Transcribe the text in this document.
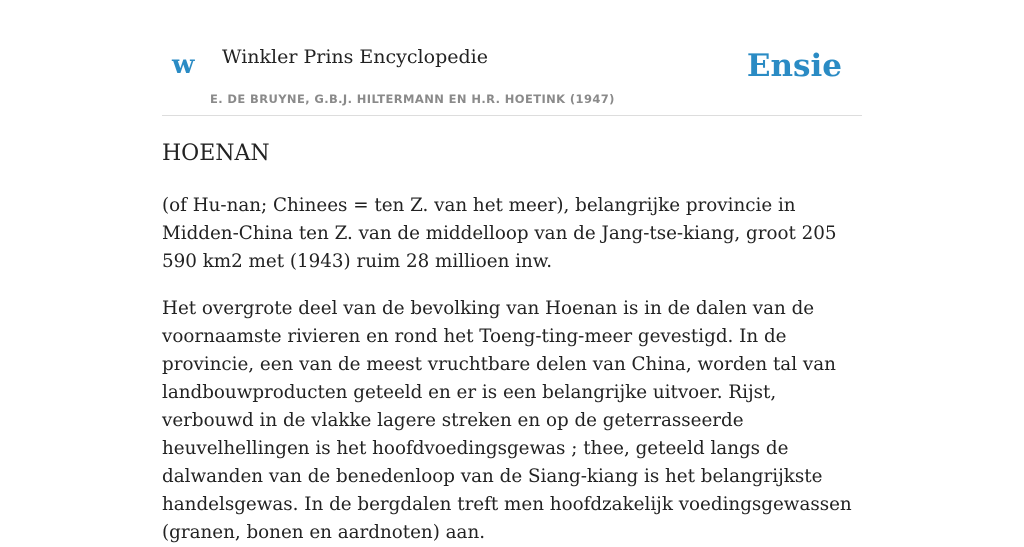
w Winkler Prins Encyclopedie
E. DE BRUYNE, G.B.J. HILTERMANN EN H.R. HOETINK (1947)
Ensie
HOENAN

(of Hu-nan; Chinees = ten Z. van het meer), belangrijke provincie in Midden-China ten Z. van de middelloop van de Jang-tse-kiang, groot 205 590 km2 met (1943) ruim 28 millioen inw.

Het overgrote deel van de bevolking van Hoenan is in de dalen van de voornaamste rivieren en rond het Toeng-ting-meer gevestigd. In de provincie, een van de meest vruchtbare delen van China, worden tal van landbouwproducten geteeld en er is een belangrijke uitvoer. Rijst, verbouwd in de vlakke lagere streken en op de geterrasseerde heuvelhellingen is het hoofdvoedingsgewas ; thee, geteeld langs de dalwanden van de benedenloop van de Siang-kiang is het belangrijkste handelsgewas. In de bergdalen treft men hoofdzakelijk voedingsgewassen (granen, bonen en aardnoten) aan.
